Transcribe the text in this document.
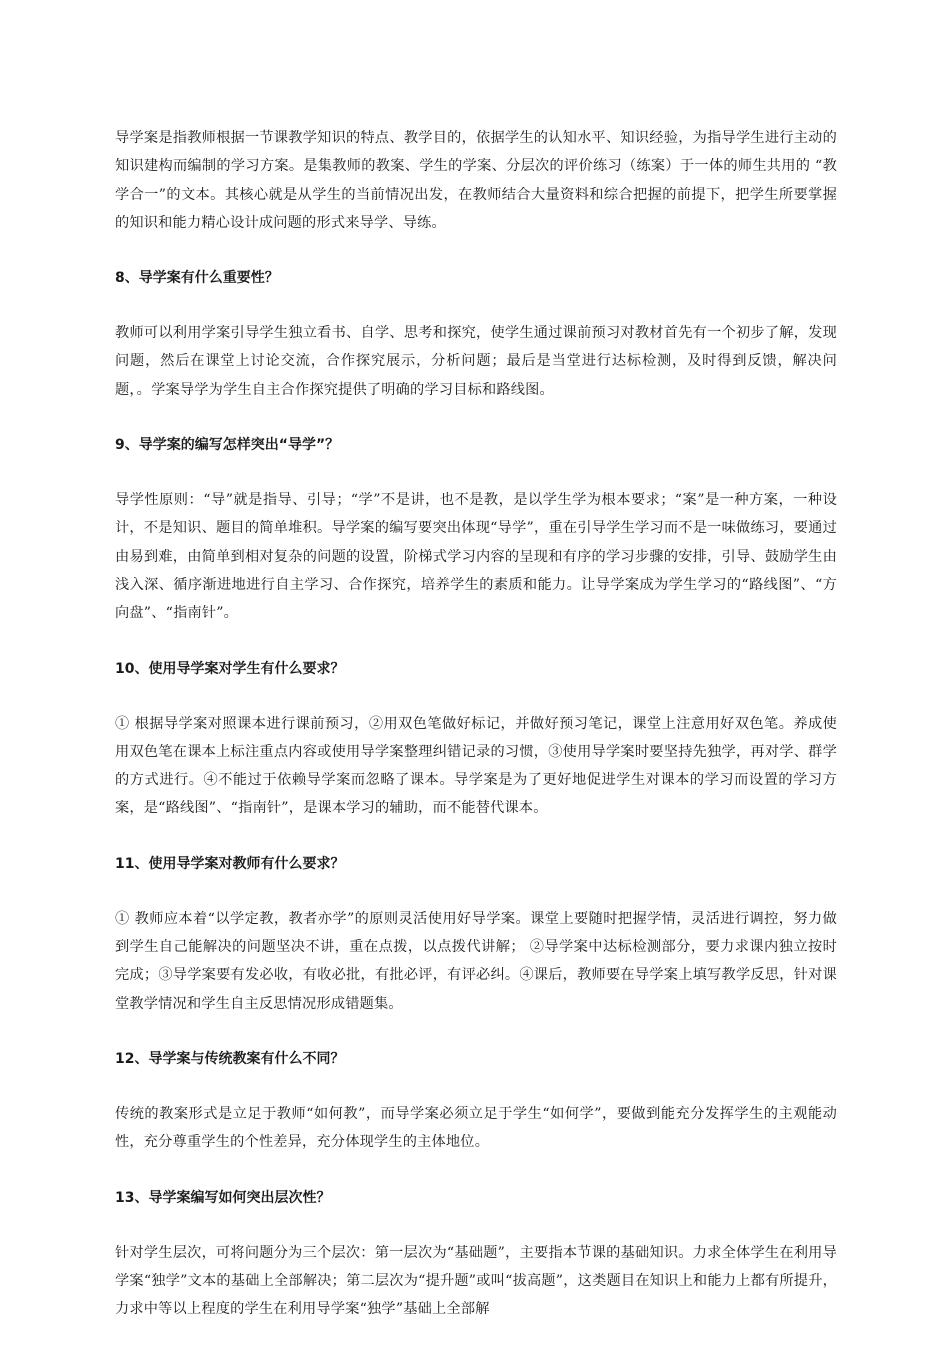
导学案是指教师根据一节课教学知识的特点、教学目的，依据学生的认知水平、知识经验，为指导学生进行主动的知识建构而编制的学习方案。是集教师的教案、学生的学案、分层次的评价练习（练案）于一体的师生共用的 “教学合一”的文本。其核心就是从学生的当前情况出发，在教师结合大量资料和综合把握的前提下，把学生所要掌握的知识和能力精心设计成问题的形式来导学、导练。

8、导学案有什么重要性？

教师可以利用学案引导学生独立看书、自学、思考和探究，使学生通过课前预习对教材首先有一个初步了解，发现问题，然后在课堂上讨论交流，合作探究展示，分析问题；最后是当堂进行达标检测，及时得到反馈，解决问题，。学案导学为学生自主合作探究提供了明确的学习目标和路线图。

9、导学案的编写怎样突出“导学”？

导学性原则：“导”就是指导、引导；“学”不是讲，也不是教，是以学生学为根本要求；“案”是一种方案，一种设计，不是知识、题目的简单堆积。导学案的编写要突出体现“导学”，重在引导学生学习而不是一味做练习，要通过由易到难，由简单到相对复杂的问题的设置，阶梯式学习内容的呈现和有序的学习步骤的安排，引导、鼓励学生由浅入深、循序渐进地进行自主学习、合作探究，培养学生的素质和能力。让导学案成为学生学习的“路线图”、“方向盘”、“指南针”。

10、使用导学案对学生有什么要求？

① 根据导学案对照课本进行课前预习，②用双色笔做好标记，并做好预习笔记，课堂上注意用好双色笔。养成使用双色笔在课本上标注重点内容或使用导学案整理纠错记录的习惯，③使用导学案时要坚持先独学，再对学、群学的方式进行。④不能过于依赖导学案而忽略了课本。导学案是为了更好地促进学生对课本的学习而设置的学习方案，是“路线图”、“指南针”，是课本学习的辅助，而不能替代课本。

11、使用导学案对教师有什么要求？

① 教师应本着“以学定教，教者亦学”的原则灵活使用好导学案。课堂上要随时把握学情，灵活进行调控，努力做到学生自己能解决的问题坚决不讲，重在点拨，以点拨代讲解； ②导学案中达标检测部分，要力求课内独立按时完成；③导学案要有发必收，有收必批，有批必评，有评必纠。④课后，教师要在导学案上填写教学反思，针对课堂教学情况和学生自主反思情况形成错题集。

12、导学案与传统教案有什么不同？

传统的教案形式是立足于教师“如何教”，而导学案必须立足于学生“如何学”，要做到能充分发挥学生的主观能动性，充分尊重学生的个性差异，充分体现学生的主体地位。

13、导学案编写如何突出层次性？

针对学生层次，可将问题分为三个层次：第一层次为“基础题”，主要指本节课的基础知识。力求全体学生在利用导学案“独学”文本的基础上全部解决；第二层次为“提升题”或叫“拔高题”，这类题目在知识上和能力上都有所提升，力求中等以上程度的学生在利用导学案“独学”基础上全部解
